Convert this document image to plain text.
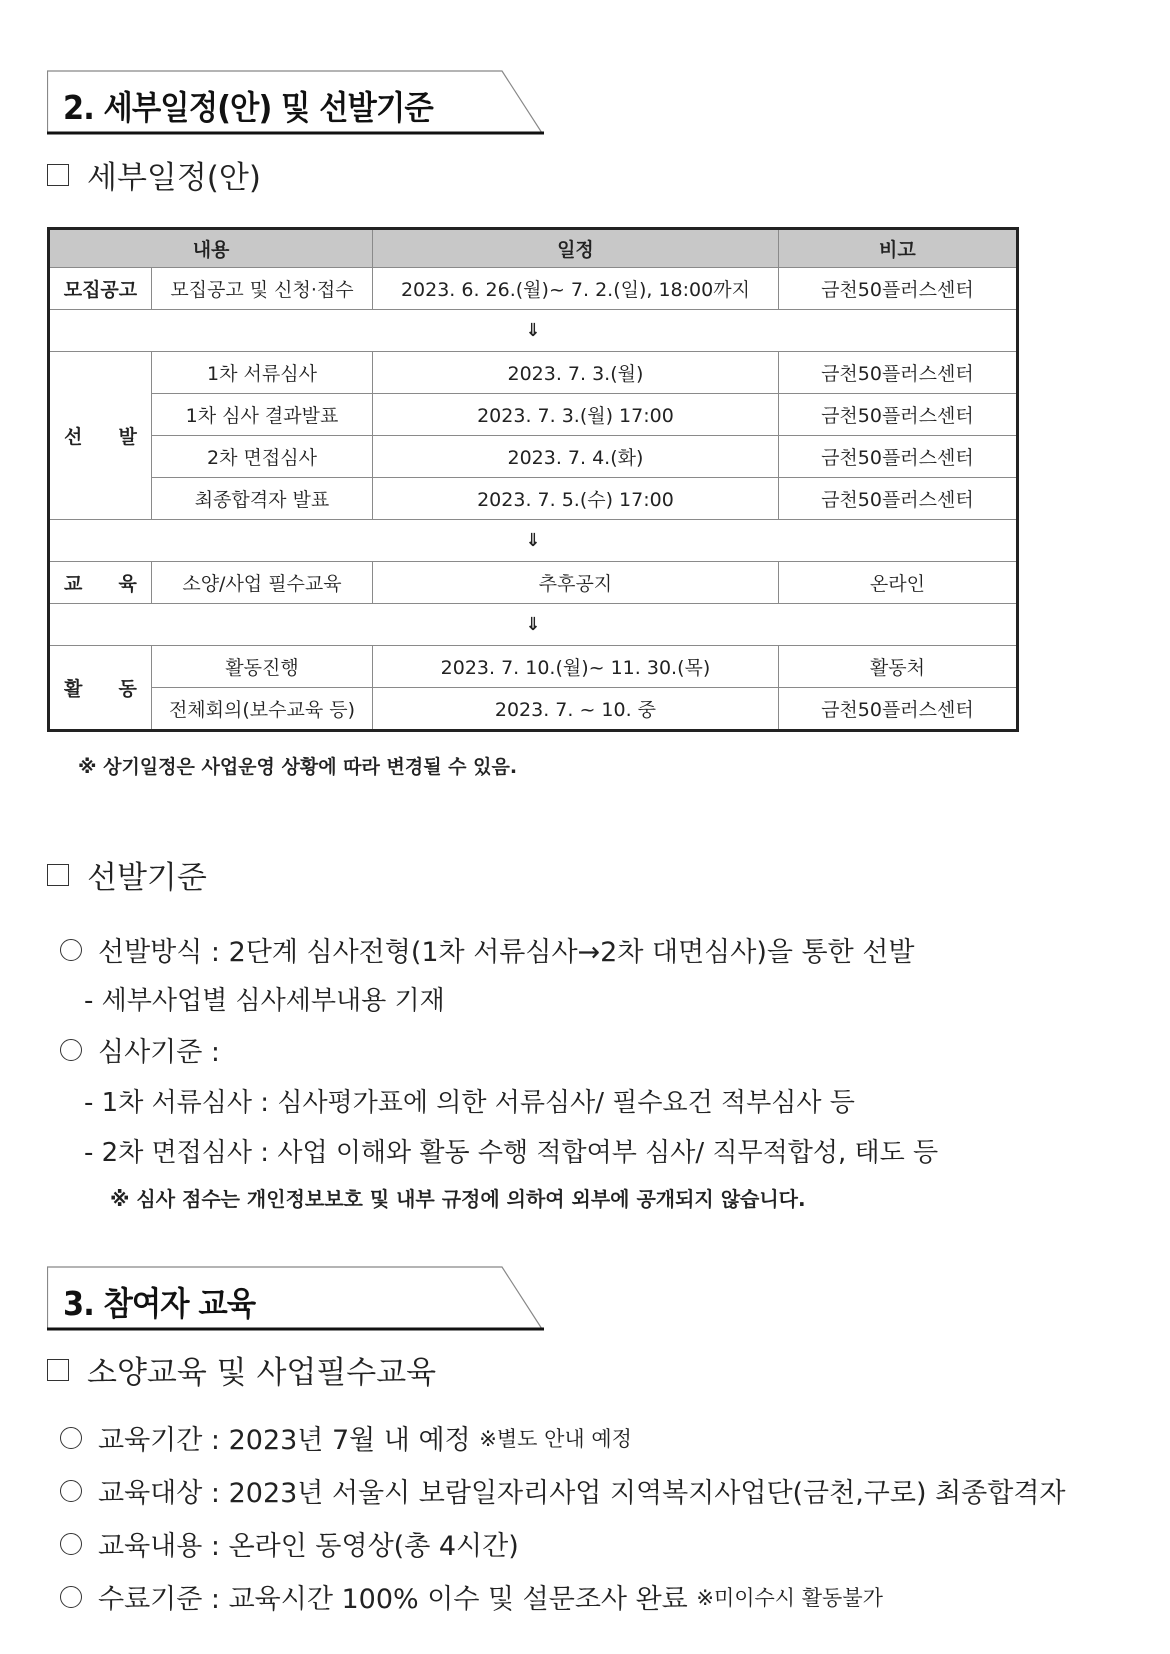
2. 세부일정(안) 및 선발기준
세부일정(안)
내용		일정	비고
모집공고	모집공고 및 신청·접수	2023. 6. 26.(월)~ 7. 2.(일), 18:00까지	금천50플러스센터
⇓			

선 발	1차 서류심사	2023. 7. 3.(월)	금천50플러스센터
	1차 심사 결과발표	2023. 7. 3.(월) 17:00	금천50플러스센터
	2차 면접심사	2023. 7. 4.(화)	금천50플러스센터
	최종합격자 발표	2023. 7. 5.(수) 17:00	금천50플러스센터
⇓			

교 육	소양/사업 필수교육	추후공지	온라인
⇓			

활 동	활동진행	2023. 7. 10.(월)~ 11. 30.(목)	활동처
	전체회의(보수교육 등)	2023. 7. ~ 10. 중	금천50플러스센터
※ 상기일정은 사업운영 상황에 따라 변경될 수 있음.
선발기준
선발방식 : 2단계 심사전형(1차 서류심사→2차 대면심사)을 통한 선발
- 세부사업별 심사세부내용 기재
심사기준 :
- 1차 서류심사 : 심사평가표에 의한 서류심사/ 필수요건 적부심사 등
- 2차 면접심사 : 사업 이해와 활동 수행 적합여부 심사/ 직무적합성, 태도 등
※ 심사 점수는 개인정보보호 및 내부 규정에 의하여 외부에 공개되지 않습니다.
3. 참여자 교육
소양교육 및 사업필수교육
교육기간 : 2023년 7월 내 예정 ※별도 안내 예정
교육대상 : 2023년 서울시 보람일자리사업 지역복지사업단(금천,구로) 최종합격자
교육내용 : 온라인 동영상(총 4시간)
수료기준 : 교육시간 100% 이수 및 설문조사 완료 ※미이수시 활동불가
